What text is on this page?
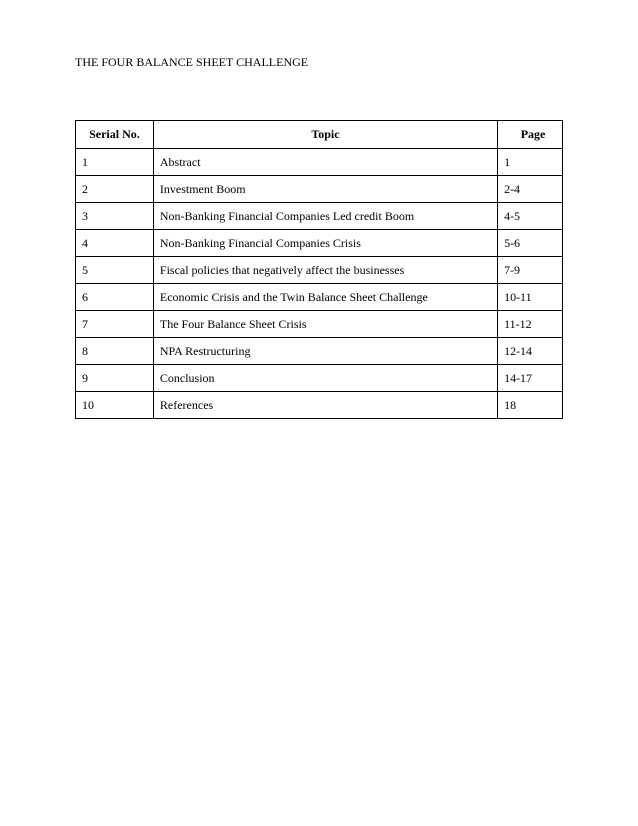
THE FOUR BALANCE SHEET CHALLENGE
Serial No.	Topic	Page
1	Abstract	1
2	Investment Boom	2-4
3	Non-Banking Financial Companies Led credit Boom	4-5
4	Non-Banking Financial Companies Crisis	5-6
5	Fiscal policies that negatively affect the businesses	7-9
6	Economic Crisis and the Twin Balance Sheet Challenge	10-11
7	The Four Balance Sheet Crisis	11-12
8	NPA Restructuring	12-14
9	Conclusion	14-17
10	References	18
